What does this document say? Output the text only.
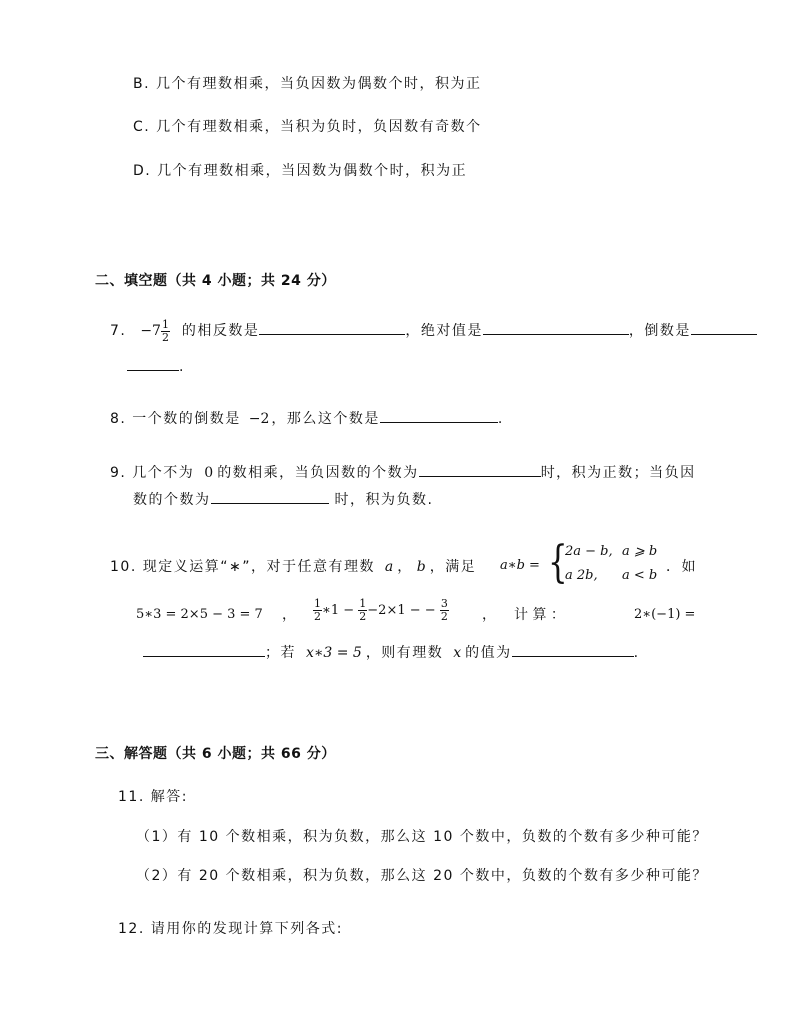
B. 几个有理数相乘，当负因数为偶数个时，积为正
C. 几个有理数相乘，当积为负时，负因数有奇数个
D. 几个有理数相乘，当因数为偶数个时，积为正
二、填空题（共 4 小题；共 24 分）
7. $-7 \frac{1}{2}$ 的相反数是	，绝对值是	，倒数是
.
8. 一个数的倒数是 −2 ，那么这个数是	.
9. 几个不为 0 的数相乘，当负因数的个数为	时，积为正数；当负因
数的个数为	时，积为负数.
10. 现定义运算“∗”，对于任意有理数 a ， b ，满足 a∗b = {
2a − b, a ⩾ b
a 2b, a < b
．如
5∗3 = 2×5 − 3 = 7 ， $\frac{1}{2}$ ∗1 − $\frac{1}{2} -2\times 1$ − − $\frac{3}{2}$ ， 计 算 ：	2∗(−1) =
；若 x∗3 = 5 ，则有理数 x 的值为	.
三、解答题（共 6 小题；共 66 分）
11. 解答:
（1）有 10 个数相乘，积为负数，那么这 10 个数中，负数的个数有多少种可能？
（2）有 20 个数相乘，积为负数，那么这 20 个数中，负数的个数有多少种可能？
12. 请用你的发现计算下列各式:
